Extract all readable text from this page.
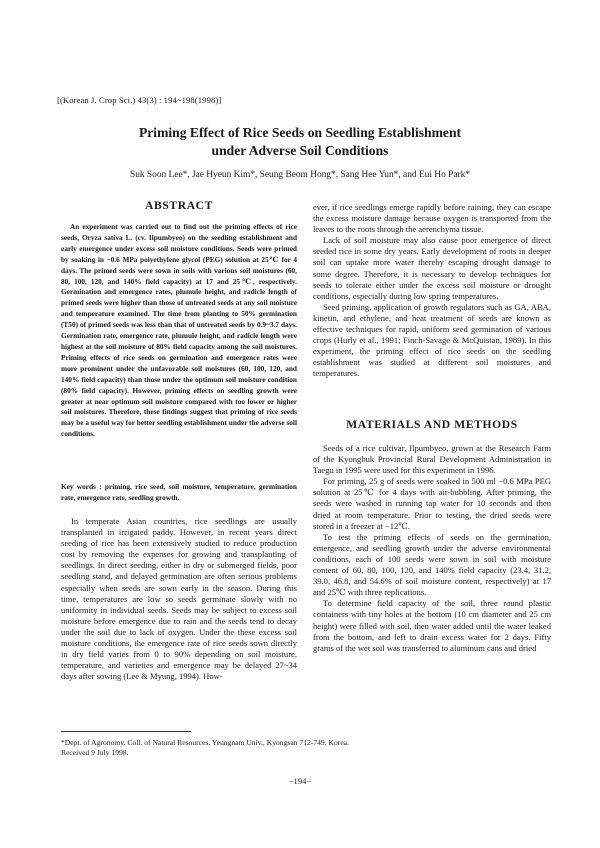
[(Korean J. Crop Sci.) 43(3) : 194~198(1998)]
Priming Effect of Rice Seeds on Seedling Establishment
under Adverse Soil Conditions
Suk Soon Lee*, Jae Hyeun Kim*, Seung Beom Hong*, Sang Hee Yun*, and Eui Ho Park*
ABSTRACT
An experiment was carried out to find out the priming effects of rice seeds, Oryza sativa L. (cv. Ilpumbyeo) on the seedling establishment and early emergence under excess soil moisture conditions. Seeds were primed by soaking in −0.6 MPa polyethylene glycol (PEG) solution at 25℃ for 4 days. The primed seeds were sown in soils with various soil moistures (60, 80, 100, 120, and 140% field capacity) at 17 and 25℃, respectively. Germination and emergence rates, plumule height, and radicle length of primed seeds were higher than those of untreated seeds at any soil moisture and temperature examined. The time from planting to 50% germination (T50) of primed seeds was less than that of untreated seeds by 0.9~3.7 days. Germination rate, emergence rate, plumule height, and radicle length were highest at the soil moisture of 80% field capacity among the soil moistures. Priming effects of rice seeds on germination and emergence rates were more prominent under the unfavorable soil moistures (60, 100, 120, and 140% field capacity) than those under the optimum soil moisture condition (80% field capacity). However, priming effects on seedling growth were greater at near optimum soil moisture compared with too lower or higher soil moistures. Therefore, these findings suggest that priming of rice seeds may be a useful way for better seedling establishment under the adverse soil conditions.
Key words : priming, rice seed, soil moisture, temperature, germination rate, emergence rate, seedling growth.

In temperate Asian countries, rice seedlings are usually transplanted in irrigated paddy. However, in recent years direct seeding of rice has been extensively studied to reduce production cost by removing the expenses for growing and transplanting of seedlings. In direct seeding, either in dry or submerged fields, poor seedling stand, and delayed germination are often serious problems especially when seeds are sown early in the season. During this time, temperatures are low so seeds germinate slowly with no uniformity in individual seeds. Seeds may be subject to excess soil moisture before emergence due to rain and the seeds tend to decay under the soil due to lack of oxygen. Under the these excess soil moisture conditions, the emergence rate of rice seeds sown directly in dry field varies from 0 to 90% depending on soil moisture, temperature, and varieties and emergence may be delayed 27~34 days after sowing (Lee & Myung, 1994). How-

ever, if rice seedlings emerge rapidly before raining, they can escape the excess moisture damage because oxygen is transported from the leaves to the roots through the aerenchyma tissue.

Lack of soil moisture may also cause poor emergence of direct seeded rice in some dry years. Early development of roots in deeper soil can uptake more water thereby escaping drought damage to some degree. Therefore, it is necessary to develop techniques for seeds to tolerate either under the excess soil moisture or drought conditions, especially during low spring temperatures.

Seed priming, application of growth regulators such as GA, ABA, kinetin, and ethylene, and heat treatment of seeds are known as effective techniques for rapid, uniform seed germination of various crops (Hurly et al., 1991; Finch-Savage & McQuistan, 1989). In this experiment, the priming effect of rice seeds on the seedling establishment was studied at different soil moistures and temperatures.

MATERIALS AND METHODS

Seeds of a rice cultivar, Ilpumbyeo, grown at the Research Farm of the Kyongbuk Provincial Rural Development Administration in Taegu in 1995 were used for this experiment in 1996.

For priming, 25 g of seeds were soaked in 500 ml −0.6 MPa PEG solution at 25℃ for 4 days with air-bubbling. After priming, the seeds were washed in running tap water for 10 seconds and then dried at room temperature. Prior to testing, the dried seeds were stored in a freezer at −12℃.

To test the priming effects of seeds on the germination, emergence, and seedling growth under the adverse environmental conditions, each of 100 seeds were sown in soil with moisture content of 60, 80, 100, 120, and 140% field capacity (23.4, 31.2, 39.0, 46.8, and 54.6% of soil moisture content, respectively) at 17 and 25℃ with three replications.

To determine field capacity of the soil, three round plastic containers with tiny holes at the bottom (10 cm diameter and 25 cm height) were filled with soil, then water added until the water leaked from the bottom, and left to drain excess water for 2 days. Fifty grams of the wet soil was transferred to aluminum cans and dried

*Dept. of Agronomy, Coll. of Natural Resources, Yeungnam Univ., Kyongsan 712-749, Korea.
Received 9 July 1998.
−194−
